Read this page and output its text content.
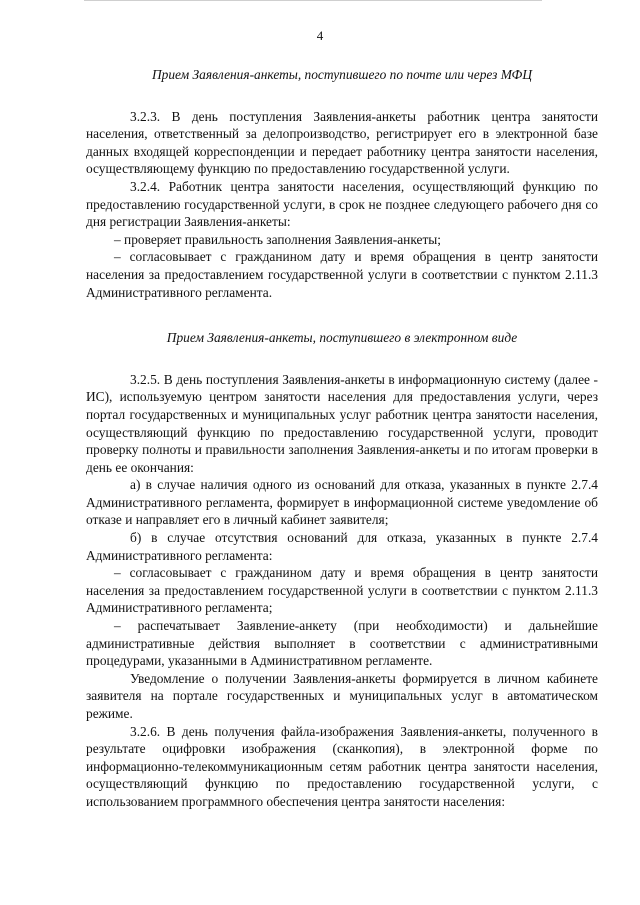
4

Прием Заявления-анкеты, поступившего по почте или через МФЦ

3.2.3. В день поступления Заявления-анкеты работник центра занятости населения, ответственный за делопроизводство, регистрирует его в электронной базе данных входящей корреспонденции и передает работнику центра занятости населения, осуществляющему функцию по предоставлению государственной услуги.

3.2.4. Работник центра занятости населения, осуществляющий функцию по предоставлению государственной услуги, в срок не позднее следующего рабочего дня со дня регистрации Заявления-анкеты:

– проверяет правильность заполнения Заявления-анкеты;

– согласовывает с гражданином дату и время обращения в центр занятости населения за предоставлением государственной услуги в соответствии с пунктом 2.11.3 Административного регламента.

Прием Заявления-анкеты, поступившего в электронном виде

3.2.5. В день поступления Заявления-анкеты в информационную систему (далее - ИС), используемую центром занятости населения для предоставления услуги, через портал государственных и муниципальных услуг работник центра занятости населения, осуществляющий функцию по предоставлению государственной услуги, проводит проверку полноты и правильности заполнения Заявления-анкеты и по итогам проверки в день ее окончания:

а) в случае наличия одного из оснований для отказа, указанных в пункте 2.7.4 Административного регламента, формирует в информационной системе уведомление об отказе и направляет его в личный кабинет заявителя;

б) в случае отсутствия оснований для отказа, указанных в пункте 2.7.4 Административного регламента:

– согласовывает с гражданином дату и время обращения в центр занятости населения за предоставлением государственной услуги в соответствии с пунктом 2.11.3 Административного регламента;

– распечатывает Заявление-анкету (при необходимости) и дальнейшие административные действия выполняет в соответствии с административными процедурами, указанными в Административном регламенте.

Уведомление о получении Заявления-анкеты формируется в личном кабинете заявителя на портале государственных и муниципальных услуг в автоматическом режиме.

3.2.6. В день получения файла-изображения Заявления-анкеты, полученного в результате оцифровки изображения (сканкопия), в электронной форме по информационно-телекоммуникационным сетям работник центра занятости населения, осуществляющий функцию по предоставлению государственной услуги, с использованием программного обеспечения центра занятости населения:
